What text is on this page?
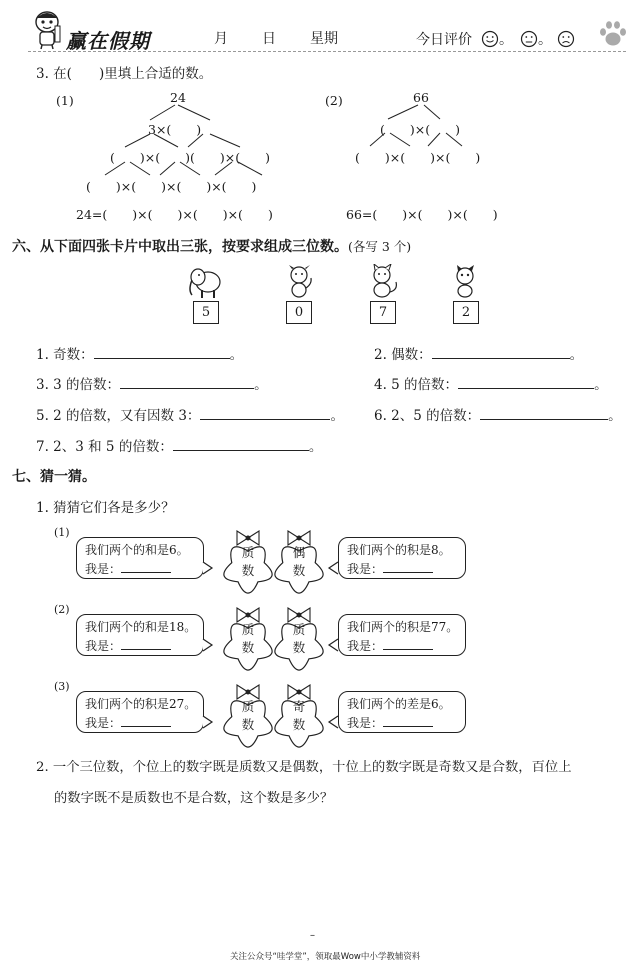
赢在假期	月 日 星期	今日评价 。 。
3. 在(　　)里填上合适的数。
(1)	24
3×(　　)
(　　)×(　　)(　　)×(　　)
(　　)×(　　)×(　　)×(　　)
24=(　　)×(　　)×(　　)×(　　)
(2)	66
(　　)×(　　)
(　　)×(　　)×(　　)
66=(　　)×(　　)×(　　)
六、从下面四张卡片中取出三张，按要求组成三位数。(各写 3 个)
5	0	7	2
1. 奇数：	。	2. 偶数：	。
3. 3 的倍数：	。	4. 5 的倍数：	。
5. 2 的倍数，又有因数 3：	。 6. 2、5 的倍数：	。
7. 2、3 和 5 的倍数：	。
七、猜一猜。
1. 猜猜它们各是多少？
(1)
我们两个的和是6。
我是：
我们两个的积是8。
我是：
(2)
我们两个的和是18。
我是：
我们两个的积是77。
我是：
(3)
我们两个的积是27。
我是：
我们两个的差是6。
我是：
质
数
偶
数
质
数
质
数
质
数
奇
数
2. 一个三位数，个位上的数字既是质数又是偶数，十位上的数字既是奇数又是合数，百位上
的数字既不是质数也不是合数，这个数是多少？
–
关注公众号“哇学堂”，领取最Wow中小学教辅资料
